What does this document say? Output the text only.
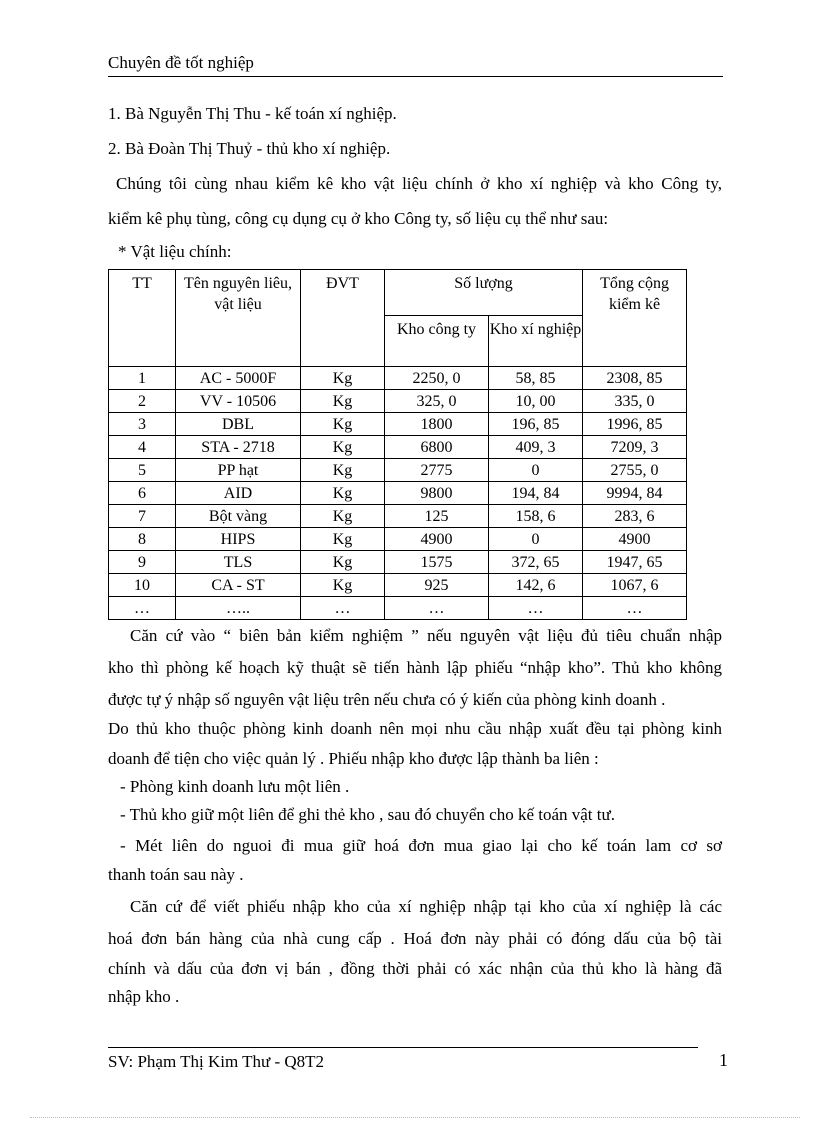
Chuyên đề tốt nghiệp
1. Bà Nguyễn Thị Thu - kế toán xí nghiệp.
2. Bà Đoàn Thị Thuỷ - thủ kho xí nghiệp.
Chúng tôi cùng nhau kiểm kê kho vật liệu chính ở kho xí nghiệp và kho Công ty,
kiểm kê phụ tùng, công cụ dụng cụ ở kho Công ty, số liệu cụ thể như sau:
* Vật liệu chính:
TT	Tên nguyên liêu, vật liệu	ĐVT	Số lượng		Tổng cộng kiểm kê
			Kho công ty	Kho xí nghiệp	
1	AC - 5000F	Kg	2250, 0	58, 85	2308, 85
2	VV - 10506	Kg	325, 0	10, 00	335, 0
3	DBL	Kg	1800	196, 85	1996, 85
4	STA - 2718	Kg	6800	409, 3	7209, 3
5	PP hạt	Kg	2775	0	2755, 0
6	AID	Kg	9800	194, 84	9994, 84
7	Bột vàng	Kg	125	158, 6	283, 6
8	HIPS	Kg	4900	0	4900
9	TLS	Kg	1575	372, 65	1947, 65
10	CA - ST	Kg	925	142, 6	1067, 6
…	…..	…	…	…	…
Căn cứ vào “ biên bản kiểm nghiệm ” nếu nguyên vật liệu đủ tiêu chuẩn nhập
kho thì phòng kế hoạch kỹ thuật sẽ tiến hành lập phiếu “nhập kho”. Thủ kho không
được tự ý nhập số nguyên vật liệu trên nếu chưa có ý kiến của phòng kinh doanh .
Do thủ kho thuộc phòng kinh doanh nên mọi nhu cầu nhập xuất đều tại phòng kinh
doanh để tiện cho việc quản lý . Phiếu nhập kho được lập thành ba liên :
- Phòng kinh doanh lưu một liên .
- Thủ kho giữ một liên để ghi thẻ kho , sau đó chuyển cho kế toán vật tư.
- Mét liên do nguoi đi mua giữ hoá đơn mua giao lại cho kế toán lam cơ sơ
thanh toán sau này .
Căn cứ để viết phiếu nhập kho của xí nghiệp nhập tại kho của xí nghiệp là các
hoá đơn bán hàng của nhà cung cấp . Hoá đơn này phải có đóng dấu của bộ tài
chính và dấu của đơn vị bán , đồng thời phải có xác nhận của thủ kho là hàng đã
nhập kho .
SV: Phạm Thị Kim Thư - Q8T2	1
